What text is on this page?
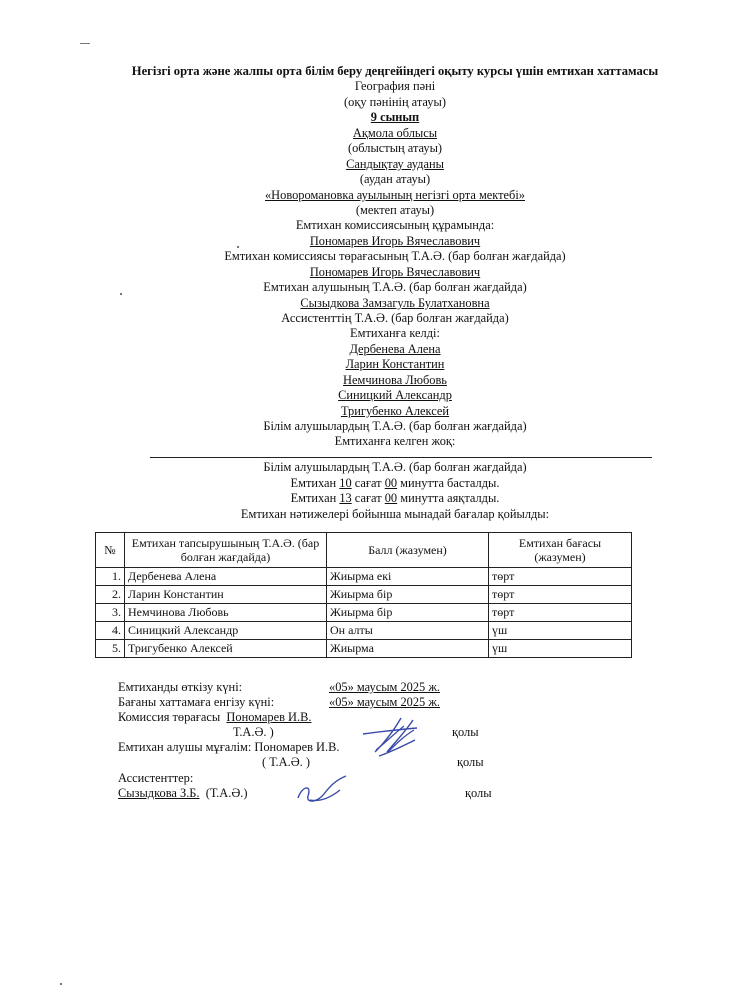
Негізгі орта және жалпы орта білім беру деңгейіндегі оқыту курсы үшін емтихан хаттамасы
География пәні
(оқу пәнінің атауы)
9 сынып
Ақмола облысы
(облыстың атауы)
Сандықтау ауданы
(аудан атауы)
«Новоромановка ауылының негізгі орта мектебі»
(мектеп атауы)
Емтихан комиссиясының құрамында:
Пономарев Игорь Вячеславович
Емтихан комиссиясы төрағасының Т.А.Ә. (бар болған жағдайда)
Пономарев Игорь Вячеславович
Емтихан алушының Т.А.Ә. (бар болған жағдайда)
Сызыдкова Замзагуль Булатхановна
Ассистенттің Т.А.Ә. (бар болған жағдайда)
Емтиханға келді:
Дербенева Алена
Ларин Константин
Немчинова Любовь
Синицкий Александр
Тригубенко Алексей
Білім алушылардың Т.А.Ә. (бар болған жағдайда)
Емтиханға келген жоқ:
Білім алушылардың Т.А.Ә. (бар болған жағдайда)
Емтихан 10 сағат 00 минутта басталды.
Емтихан 13 сағат 00 минутта аяқталды.
Емтихан нәтижелері бойынша мынадай бағалар қойылды:
№	Емтихан тапсырушының Т.А.Ә. (бар болған жағдайда)	Балл (жазумен)	Емтихан бағасы (жазумен)
1.	Дербенева Алена	Жиырма екі	төрт
2.	Ларин Константин	Жиырма бір	төрт
3.	Немчинова Любовь	Жиырма бір	төрт
4.	Синицкий Александр	Он алты	үш
5.	Тригубенко Алексей	Жиырма	үш
Емтиханды өткізу күні:	«05» маусым 2025 ж.
Бағаны хаттамаға енгізу күні:	«05» маусым 2025 ж.
Комиссия төрағасы Пономарев И.В.
Т.А.Ә. )	қолы
Емтихан алушы мұғалім: Пономарев И.В.
( Т.А.Ә. )	қолы
Ассистенттер:
Сызыдкова З.Б. (Т.А.Ә.)	қолы
